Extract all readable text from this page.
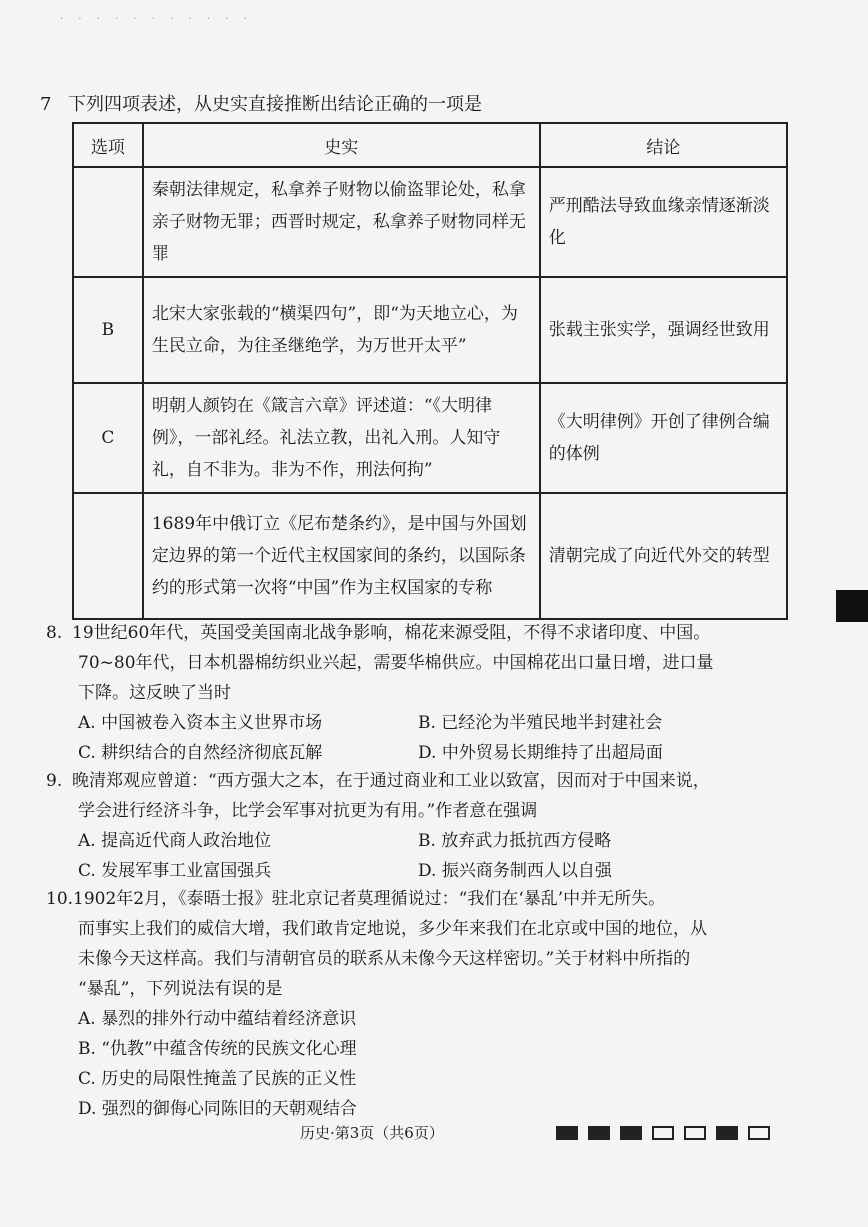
· · · · · · · · · · ·
7 下列四项表述，从史实直接推断出结论正确的一项是
选项	史实	结论
	秦朝法律规定，私拿养子财物以偷盗罪论处，私拿亲子财物无罪；西晋时规定，私拿养子财物同样无罪	严刑酷法导致血缘亲情逐渐淡化
B	北宋大家张载的“横渠四句”，即“为天地立心，为生民立命，为往圣继绝学，为万世开太平”	张载主张实学，强调经世致用
C	明朝人颜钧在《箴言六章》评述道：“《大明律例》，一部礼经。礼法立教，出礼入刑。人知守礼，自不非为。非为不作，刑法何拘”	《大明律例》开创了律例合编的体例
	1689年中俄订立《尼布楚条约》，是中国与外国划定边界的第一个近代主权国家间的条约，以国际条约的形式第一次将“中国”作为主权国家的专称	清朝完成了向近代外交的转型
8. 19世纪60年代，英国受美国南北战争影响，棉花来源受阻，不得不求诸印度、中国。
70~80年代，日本机器棉纺织业兴起，需要华棉供应。中国棉花出口量日增，进口量
下降。这反映了当时
A. 中国被卷入资本主义世界市场	B. 已经沦为半殖民地半封建社会
C. 耕织结合的自然经济彻底瓦解	D. 中外贸易长期维持了出超局面
9. 晚清郑观应曾道：“西方强大之本，在于通过商业和工业以致富，因而对于中国来说，
学会进行经济斗争，比学会军事对抗更为有用。”作者意在强调
A. 提高近代商人政治地位	B. 放弃武力抵抗西方侵略
C. 发展军事工业富国强兵	D. 振兴商务制西人以自强
10.1902年2月，《泰晤士报》驻北京记者莫理循说过：“我们在‘暴乱’中并无所失。
而事实上我们的威信大增，我们敢肯定地说，多少年来我们在北京或中国的地位，从
未像今天这样高。我们与清朝官员的联系从未像今天这样密切。”关于材料中所指的
“暴乱”，下列说法有误的是
A. 暴烈的排外行动中蕴结着经济意识
B. “仇教”中蕴含传统的民族文化心理
C. 历史的局限性掩盖了民族的正义性
D. 强烈的御侮心同陈旧的天朝观结合
历史·第3页（共6页）
